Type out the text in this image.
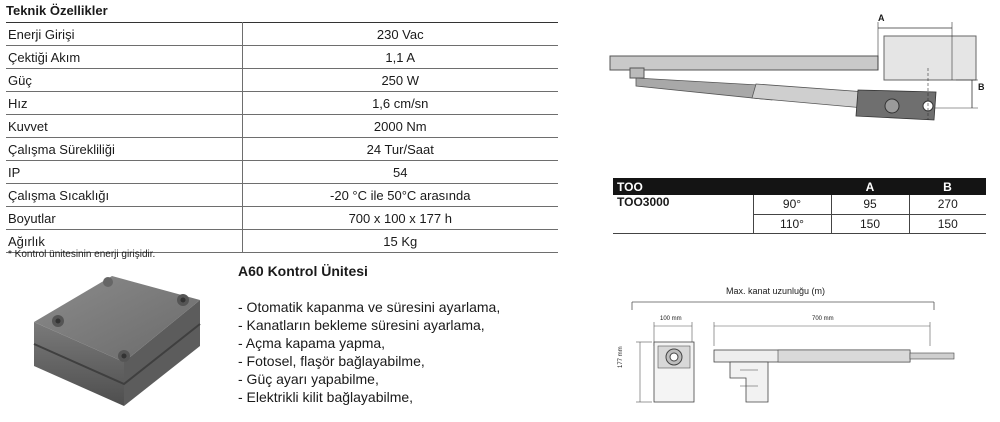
Teknik Özellikler
Enerji Girişi	230 Vac
Çektiği Akım	1,1 A
Güç	250 W
Hız	1,6 cm/sn
Kuvvet	2000 Nm
Çalışma Sürekliliği	24 Tur/Saat
IP	54
Çalışma Sıcaklığı	-20 °C ile 50°C arasında
Boyutlar	700 x 100 x 177 h
Ağırlık	15 Kg
* Kontrol ünitesinin enerji girişidir.
A60 Kontrol Ünitesi
- Otomatik kapanma ve süresini ayarlama,
- Kanatların bekleme süresini ayarlama,
- Açma kapama yapma,
- Fotosel, flaşör bağlayabilme,
- Güç ayarı yapabilme,
- Elektrikli kilit bağlayabilme,
A
B
TOO		A	B
TOO3000	90°	95	270
	110°	150	150
Max. kanat uzunluğu (m)
100 mm	700 mm
177 mm
